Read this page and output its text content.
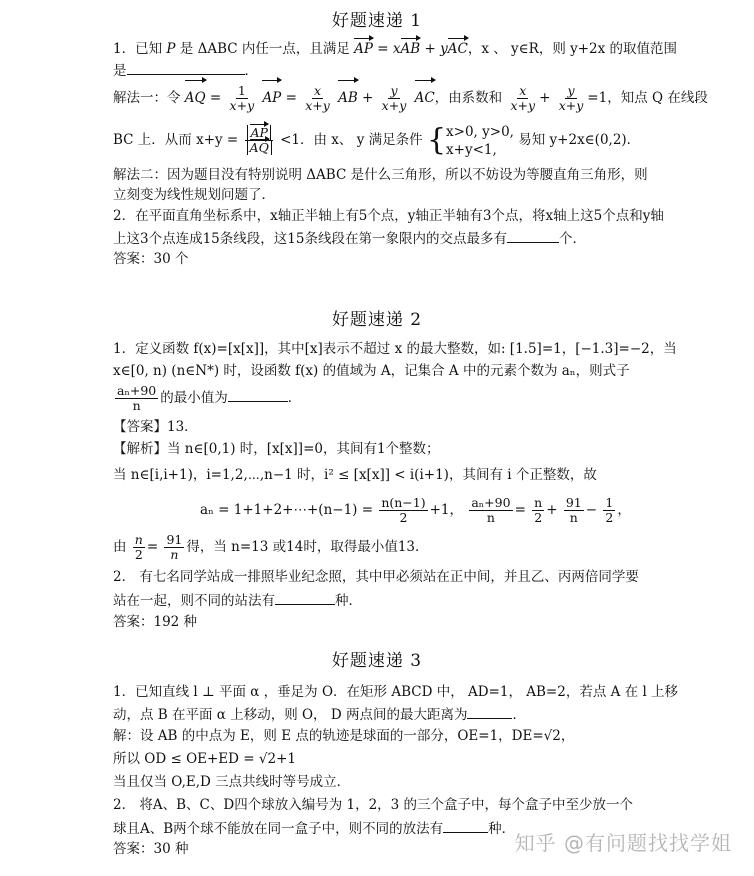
好题速递 1
1．已知 P 是 ΔABC 内任一点，且满足 AP = xAB + yAC，x 、 y∈R，则 y+2x 的取值范围
是	．
解法一：令 AQ = $\frac{1}{x+y}$ AP = $\frac{x}{x+y}$ AB + $\frac{y}{x+y}$ AC，由系数和 $\frac{x}{x+y} + \frac{y}{x+y} =1$，知点 Q 在线段
BC 上．从而 $x+y = \frac{AP}{AQ} <1$．由 x、 y 满足条件 { x>0, y>0,
x+y<1,
易知 y+2x∈(0,2)．
解法二：因为题目没有特别说明 ΔABC 是什么三角形，所以不妨设为等腰直角三角形，则
立刻变为线性规划问题了．
2．在平面直角坐标系中，x轴正半轴上有5个点，y轴正半轴有3个点，将x轴上这5个点和y轴
上这3个点连成15条线段，这15条线段在第一象限内的交点最多有	个．
答案：30 个
好题速递 2
1．定义函数 f(x)=[x[x]]，其中[x]表示不超过 x 的最大整数，如: [1.5]=1，[−1.3]=−2，当
x∈[0, n) (n∈N*) 时，设函数 f(x) 的值域为 A，记集合 A 中的元素个数为 aₙ，则式子
$\frac{\text{aₙ+90}}{n}$ 的最小值为	．
【答案】13．
【解析】当 n∈[0,1) 时，[x[x]]=0，其间有1个整数；
当 n∈[i,i+1)，i=1,2,⋯,n−1 时，i² ≤ [x[x]] < i(i+1)，其间有 i 个正整数，故
aₙ = 1+1+2+⋯+(n−1) = $\frac{n(n-1)}{2} +1$， $\frac{\text{aₙ+90}}{n} = \frac{n}{2} + \frac{91}{n} - \frac{1}{2}$ ，
由 $\frac{n}{2} = \frac{91}{n}$ 得，当 n=13 或14时，取得最小值13．
2． 有七名同学站成一排照毕业纪念照，其中甲必须站在正中间，并且乙、丙两倍同学要
站在一起，则不同的站法有	种．
答案：192 种
好题速递 3
1．已知直线 l ⊥ 平面 α ，垂足为 O．在矩形 ABCD 中， AD=1， AB=2，若点 A 在 l 上移
动，点 B 在平面 α 上移动，则 O， D 两点间的最大距离为	．
解：设 AB 的中点为 E，则 E 点的轨迹是球面的一部分，OE=1，DE=√2，
所以 OD ≤ OE+ED = √2+1
当且仅当 O,E,D 三点共线时等号成立．
2． 将A、B、C、D四个球放入编号为 1，2，3 的三个盒子中，每个盒子中至少放一个
球且A、B两个球不能放在同一盒子中，则不同的放法有	种．
答案：30 种	知乎 @有问题找找学姐
